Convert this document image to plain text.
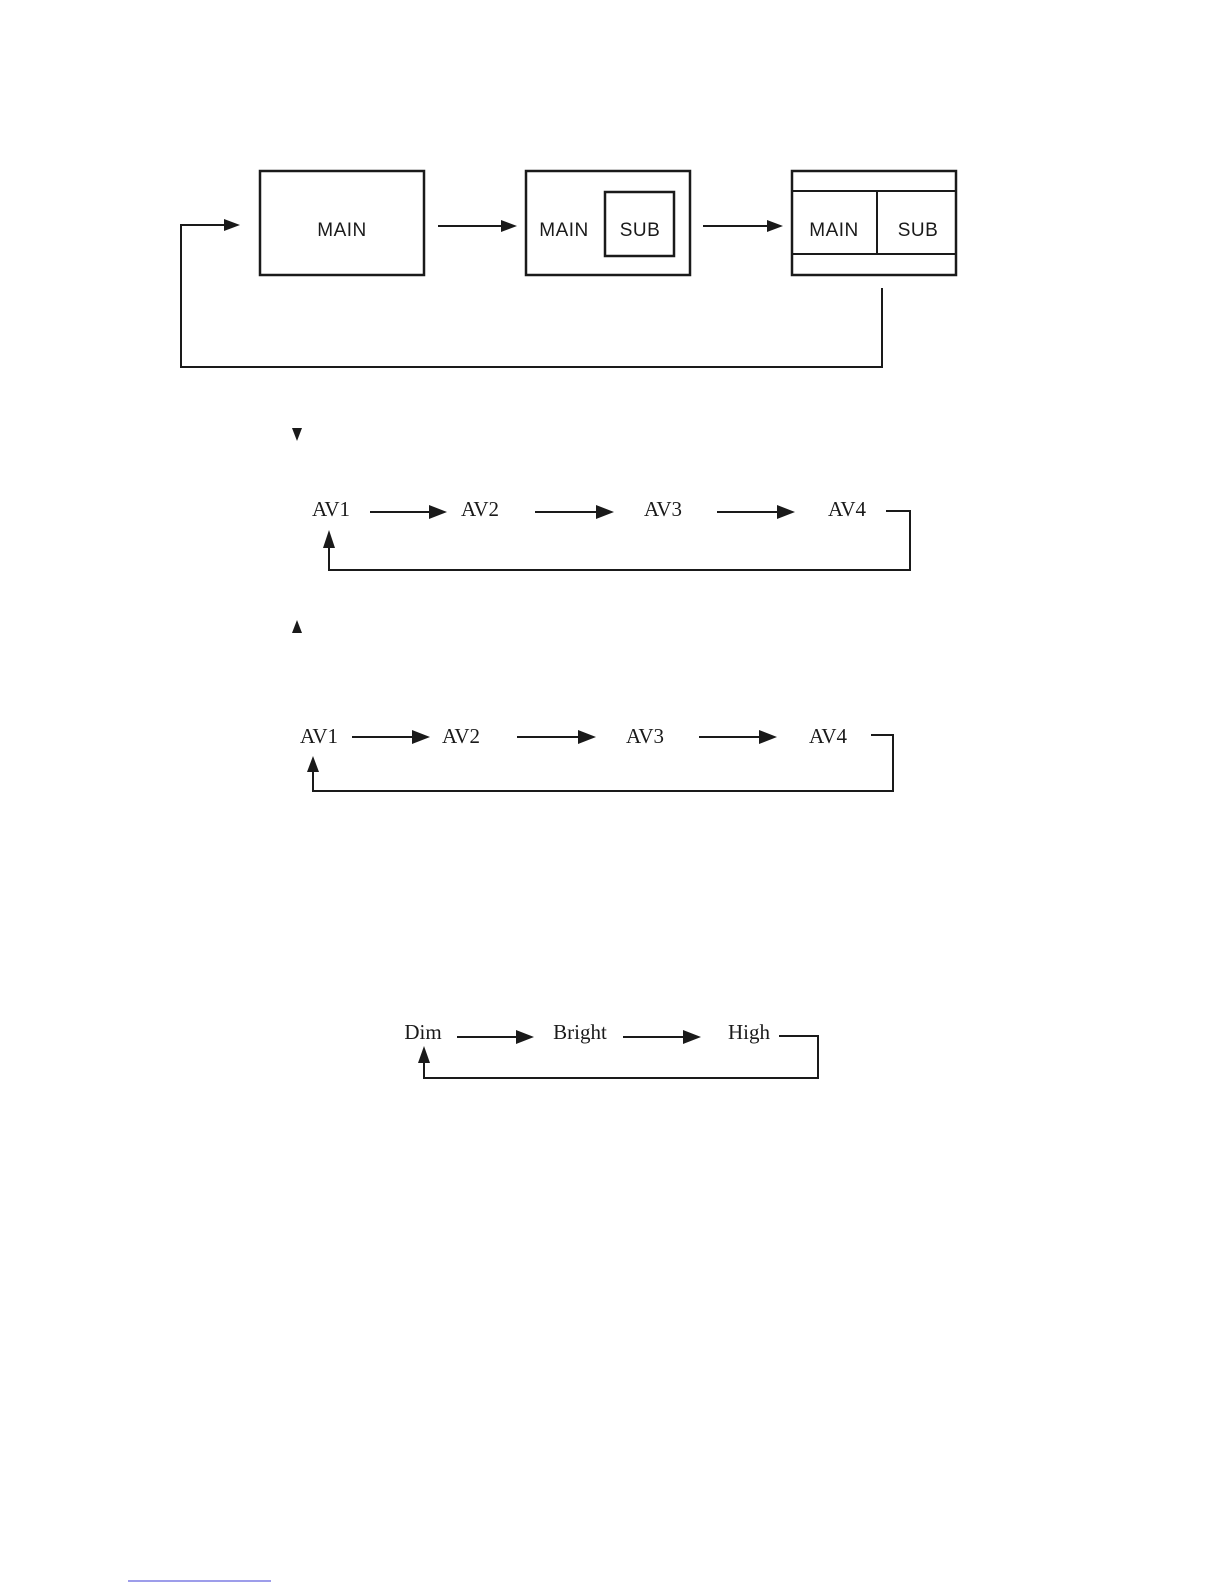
MAIN	MAIN SUB	MAIN SUB
AV1	AV2	AV3	AV4
AV1	AV2	AV3	AV4
Dim	Bright	High
